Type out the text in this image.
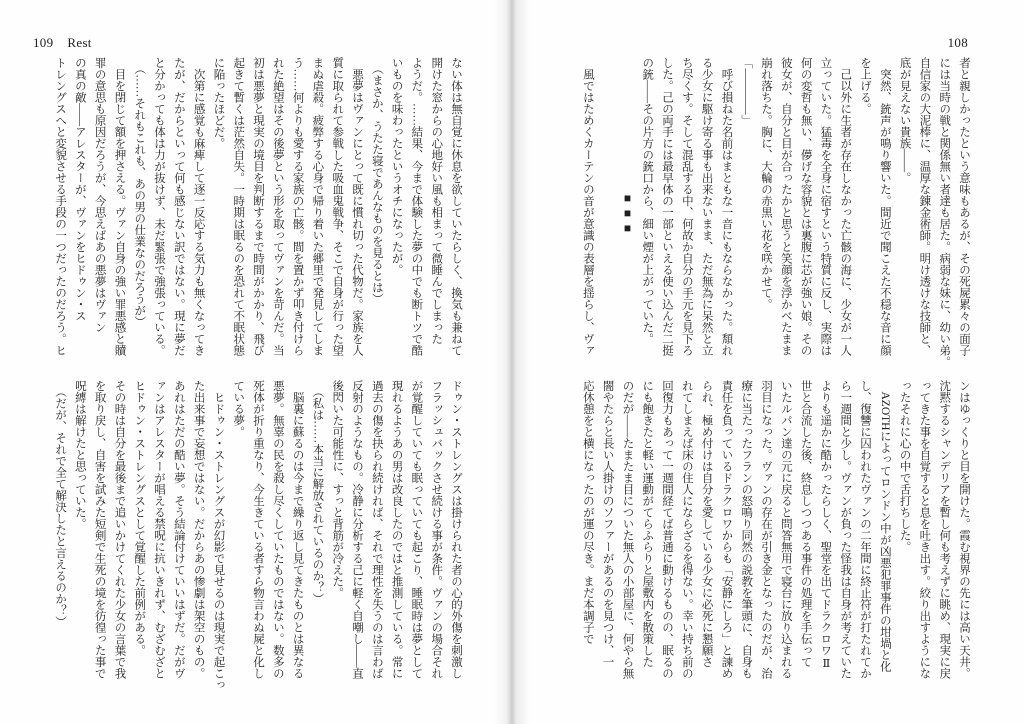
109 Rest
ない体は無自覚に休息を欲していたらしく、換気も兼ねて
開けた窓からの心地好い風も相まって微睡んでしまった
ようだ。……結果、今まで体験した夢の中でも断トツで酷
いものを味わったというオチになったが。
　（まさか、うたた寝であんなものを見るとは）
　悪夢はヴァンにとって既に慣れ切った代物だ。家族を人
質に取られて参戦した吸血鬼戦争、そこで自身が行った望
まぬ虐殺。疲弊する心身で帰り着いた郷里で発見してしま
う……何よりも愛する家族の亡骸。間を置かず叩き付けら
れた絶望はその後夢という形を取ってヴァンを苛んだ。当
初は悪夢と現実の境目を判断するまで時間がかかり、飛び
起きて暫くは茫然自失。一時期は眠るのを恐れて不眠状態
に陥ったほどだ。
　次第に感覚も麻痺して逐一反応する気力も無くなってき
たが、だからといって何も感じない訳ではない。現に夢だ
と分かっても体は力が抜けず、未だ緊張で強張っている。
　（……それもこれも、あの男の仕業なのだろうが）
　目を閉じて額を押さえる。ヴァン自身の強い罪悪感と贖
罪の意思も原因だろうが、今思えばあの悪夢はヴァン
の真の敵――アレスターが、ヴァンをヒドゥン・ス
トレングスへと変貌させる手段の一つだったのだろう。ヒ
ドゥン・ストレングスは掛けられた者の心的外傷を刺激し
フラッシュバックさせ続ける事が条件。ヴァンの場合それ
が覚醒していても眠っていても起こり、睡眠時は夢として
現れるようあの男は改良したのではと推測している。常に
過去の傷を抉られ続ければ、それで理性を失うのは言わば
反射のようなもの。冷静に分析する己に軽く自嘲し――直
後閃いた可能性に、すっと背筋が冷えた。
　（私は……本当に解放されているのか？）
　脳裏に蘇るのは今まで繰り返し見てきたものとは異なる
悪夢。無辜の民を殺し尽くしていたものではない。数多の
死体が折り重なり、今生きている者すら物言わぬ屍と化し
ている夢。
　ヒドゥン・ストレングスが幻影で見せるのは現実で起こっ
た出来事で妄想ではない。だからあの惨劇は架空のもの。
あれはただの酷い夢。そう結論付けていいはずだ。だがヴ
ァンはアレスターが唱える禁呪に抗いきれず、むざむざと
ヒドゥン・ストレングスとして覚醒した前例がある。
その時は自分を最後まで追いかけてくれた少女の言葉で我
を取り戻し、自害を試みた短剣で生死の境を彷徨った事で
呪縛は解けたと思っていた。
　（だが、それで全て解決したと言えるのか？）
108
者と親しかったという意味もあるが、その死屍累々の面子
には当時の戦と関係無い者達も居た。病弱な妹に、幼い弟。
自信家の大泥棒に、温厚な錬金術師。明け透けな技師と、
底が見えない貴族――。
　突然、銃声が鳴り響いた。間近で聞こえた不穏な音に顔
を上げる。
　己以外に生者が存在しなかった亡骸の海に、少女が一人
立っていた。猛毒を全身に宿すという特質に反し、実際は
何の変哲も無い、儚げな容貌とは裏腹に芯が強い娘。その
彼女が、自分と目が合ったかと思うと笑顔を浮かべたまま
崩れ落ちた。胸に、大輪の赤黒い花を咲かせて。
「――――」
　呼び損ねた名前はまともな一音にもならなかった。頽れ
る少女に駆け寄る事も出来ないまま、ただ無為に呆然と立
ち尽くす。そして混乱する中、何故か自分の手元を見下ろ
した。己の両手には最早体の一部といえる使い込んだ二挺
の銃――その片方の銃口から、細い煙が上がっていた。
■■■
　風ではためくカーテンの音が意識の表層を揺らし、ヴァ
ンはゆっくりと目を開けた。霞む視界の先には高い天井。
沈黙するシャンデリアを暫し何も考えずに眺め、現実に戻
ってきた事を自覚すると息を吐き出す。絞り出すようにな
ったそれに心の中で舌打ちした。
　AZOTHによってロンドン中が凶悪犯罪事件の坩堝と化
し、復讐に囚われたヴァンの二年間に終止符が打たれてか
ら一週間と少し。ヴァンが負った怪我は自身が考えていた
よりも遥かに酷かったらしく、聖堂を出てドラクロワⅡ
世と合流した後、終息しつつある事件の処理を手伝って
いたルパン達の元に戻ると問答無用で寝台に放り込まれる
羽目になった。ヴァンの存在が引き金となったのだが、治
療に当たったフランの怒鳴り同然の説教を筆頭に、自身も
責任を負っているドラクロワからも「安静にしろ」と諫め
られ、極め付けは自分を愛している少女に必死に懇願さ
れてしまえば床の住人にならざるを得ない。幸い持ち前の
回復力もあって一週間経てば普通に動けるものの、眠るの
にも飽きたと軽い運動がてらふらりと屋敷内を散策した
のだが――たまたま目についた無人の小部屋に、何やら無
闇やたらと長い人掛けのソファーがあるのを見つけ、一
応休憩をと横になったのが運の尽き。まだ本調子で
